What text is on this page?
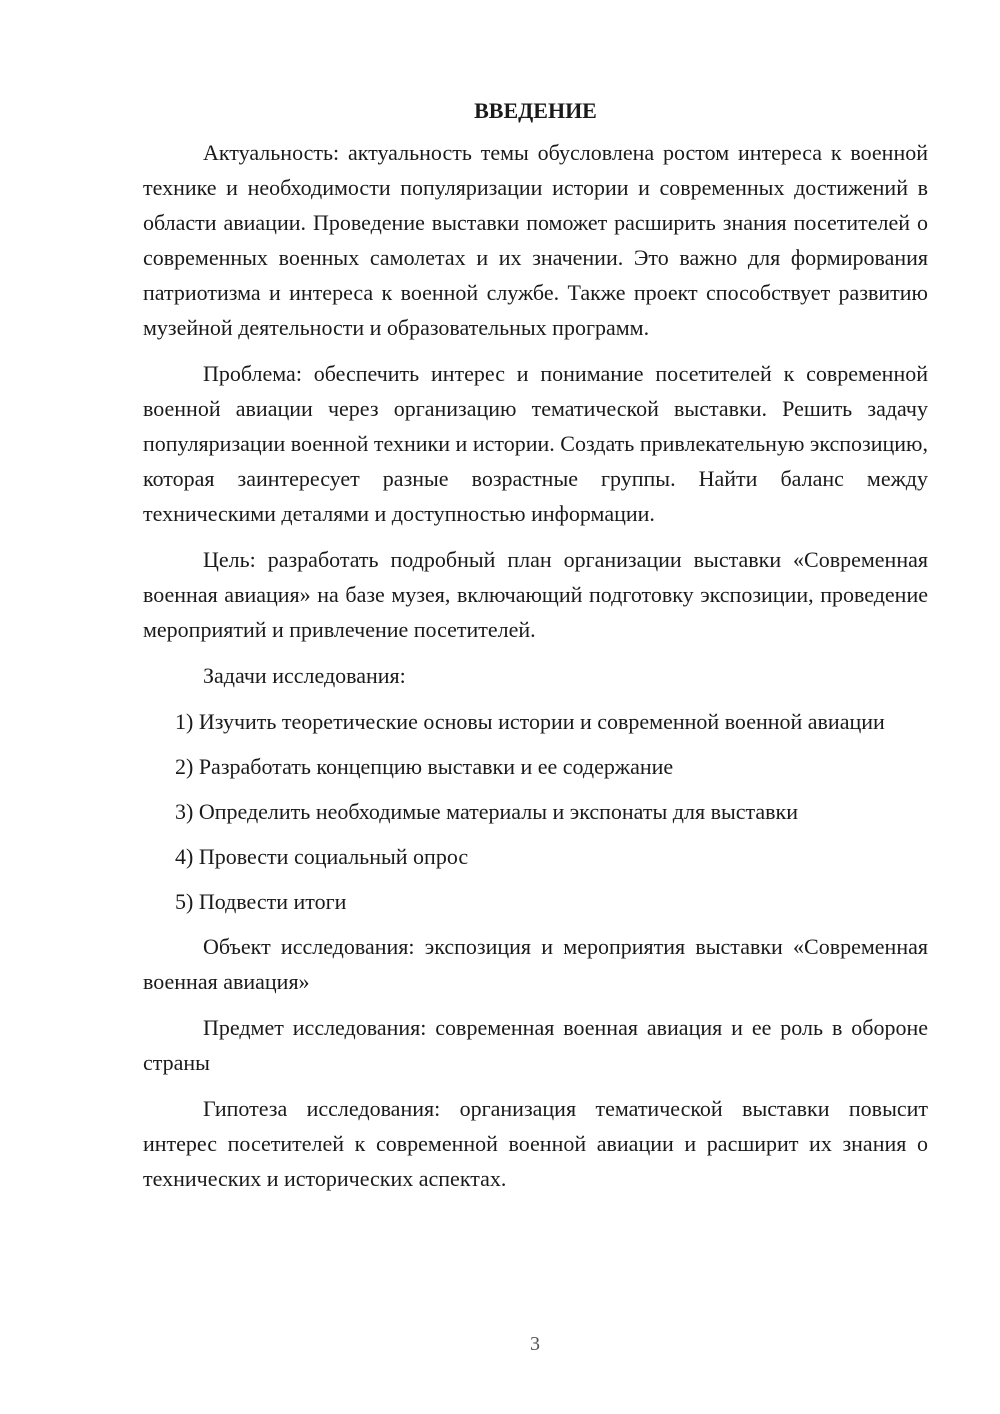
ВВЕДЕНИЕ

Актуальность: актуальность темы обусловлена ростом интереса к военной технике и необходимости популяризации истории и современных достижений в области авиации. Проведение выставки поможет расширить знания посетителей о современных военных самолетах и их значении. Это важно для формирования патриотизма и интереса к военной службе. Также проект способствует развитию музейной деятельности и образовательных программ.

Проблема: обеспечить интерес и понимание посетителей к современной военной авиации через организацию тематической выставки. Решить задачу популяризации военной техники и истории. Создать привлекательную экспозицию, которая заинтересует разные возрастные группы. Найти баланс между техническими деталями и доступностью информации.

Цель: разработать подробный план организации выставки «Современная военная авиация» на базе музея, включающий подготовку экспозиции, проведение мероприятий и привлечение посетителей.

Задачи исследования:

1) Изучить теоретические основы истории и современной военной авиации

2) Разработать концепцию выставки и ее содержание

3) Определить необходимые материалы и экспонаты для выставки

4) Провести социальный опрос

5) Подвести итоги

Объект исследования: экспозиция и мероприятия выставки «Современная военная авиация»

Предмет исследования: современная военная авиация и ее роль в обороне страны

Гипотеза исследования: организация тематической выставки повысит интерес посетителей к современной военной авиации и расширит их знания о технических и исторических аспектах.

3
